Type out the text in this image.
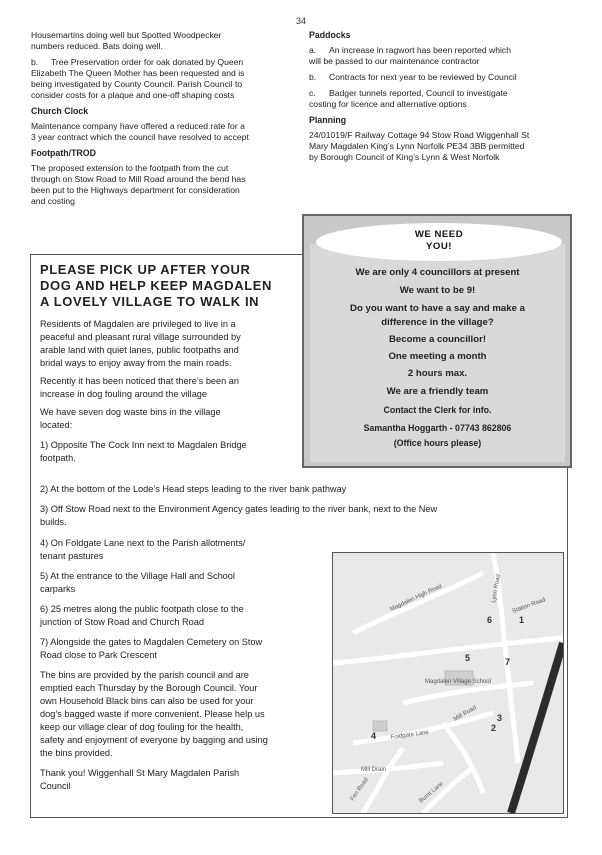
34

Housemartins doing well but Spotted Woodpecker
numbers reduced. Bats doing well.

b. Tree Preservation order for oak donated by Queen
Elizabeth The Queen Mother has been requested and is
being investigated by County Council. Parish Council to
consider costs for a plaque and one-off shaping costs

Church Clock

Maintenance company have offered a reduced rate for a
3 year contract which the council have resolved to accept

Footpath/TROD

The proposed extension to the footpath from the cut
through on Stow Road to Mill Road around the bend has
been put to the Highways department for consideration
and costing

Paddocks

a. An increase in ragwort has been reported which
will be passed to our maintenance contractor

b. Contracts for next year to be reviewed by Council

c. Badger tunnels reported, Council to investigate
costing for licence and alternative options

Planning

24/01019/F Railway Cottage 94 Stow Road Wiggenhall St
Mary Magdalen King’s Lynn Norfolk PE34 3BB permitted
by Borough Council of King’s Lynn & West Norfolk

PLEASE PICK UP AFTER YOUR
DOG AND HELP KEEP MAGDALEN
A LOVELY VILLAGE TO WALK IN

Residents of Magdalen are privileged to live in a
peaceful and pleasant rural village surrounded by
arable land with quiet lanes, public footpaths and
bridal ways to enjoy away from the main roads.

Recently it has been noticed that there’s been an
increase in dog fouling around the village

We have seven dog waste bins in the village
located:

1) Opposite The Cock Inn next to Magdalen Bridge
footpath.

2) At the bottom of the Lode’s Head steps leading to the river bank pathway

3) Off Stow Road next to the Environment Agency gates leading to the river bank, next to the New
builds.

4) On Foldgate Lane next to the Parish allotments/
tenant pastures

5) At the entrance to the Village Hall and School
carparks

6) 25 metres along the public footpath close to the
junction of Stow Road and Church Road

7) Alongside the gates to Magdalen Cemetery on Stow
Road close to Park Crescent

The bins are provided by the parish council and are
emptied each Thursday by the Borough Council. Your
own Household Black bins can also be used for your
dog’s bagged waste if more convenient. Please help us
keep our village clear of dog fouling for the health,
safety and enjoyment of everyone by bagging and using
the bins provided.

Thank you! Wiggenhall St Mary Magdalen Parish
Council

WE NEED
YOU!
We are only 4 councillors at present
We want to be 9!
Do you want to have a say and make a
difference in the village?
Become a councillor!
One meeting a month
2 hours max.
We are a friendly team
Contact the Clerk for info.
Samantha Hoggarth - 07743 862806
(Office hours please)
Magdalen High Road	Lynn Road
Station Road
Magdalen Village School
Mill Road
Foldgate Lane
Mill Drain
Fen Road	Burnt Lane
1
2
3
4
5
6
7
